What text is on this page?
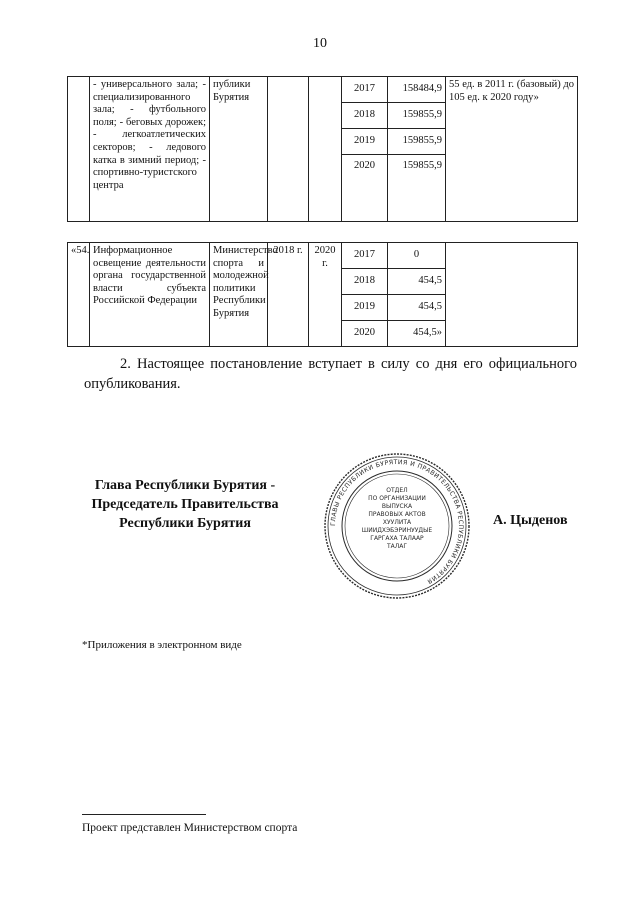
10
	- универсального зала; - специализированного зала; - футбольного поля; - беговых дорожек; - легкоатлетических секторов; - ледового катка в зимний период; - спортивно-туристского центра	публики Бурятия			2017	158484,9	55 ед. в 2011 г. (базовый) до 105 ед. к 2020 году»
					2018	159855,9	
					2019	159855,9	
					2020	159855,9	
«54.	Информационное освещение деятельности органа государственной власти субъекта Российской Федерации	Министерство спорта и молодежной политики Республики Бурятия	2018 г.	2020 г.	2017	0	
					2018	454,5	
					2019	454,5	
					2020	454,5»	
2. Настоящее постановление вступает в силу со дня его официального опубликования.
Глава Республики Бурятия -
Председатель Правительства
Республики Бурятия	ГЛАВЫ РЕСПУБЛИКИ БУРЯТИЯ И ПРАВИТЕЛЬСТВА РЕСПУБЛИКИ БУРЯТИЯ
ОТДЕЛ
ПО ОРГАНИЗАЦИИ
ВЫПУСКА
ПРАВОВЫХ АКТОВ
ХУУЛИТА
ШИИДХЭБЭРИНУУДЫЕ
ГАРГАХА ТАЛААР
ТАЛАГ
А. Цыденов
*Приложения в электронном виде
Проект представлен Министерством спорта
